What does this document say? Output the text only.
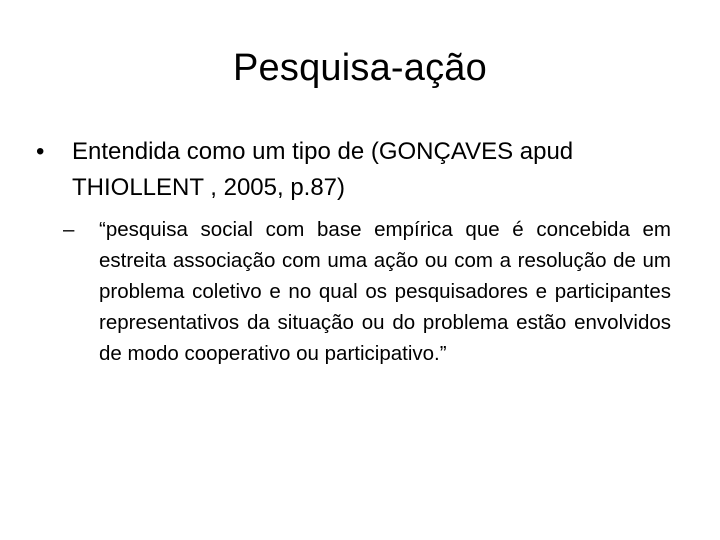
Pesquisa-ação
•	Entendida como um tipo de (GONÇAVES apud THIOLLENT , 2005, p.87)
–	“pesquisa social com base empírica que é concebida em estreita associação com uma ação ou com a resolução de um problema coletivo e no qual os pesquisadores e participantes representativos da situação ou do problema estão envolvidos de modo cooperativo ou participativo.”
